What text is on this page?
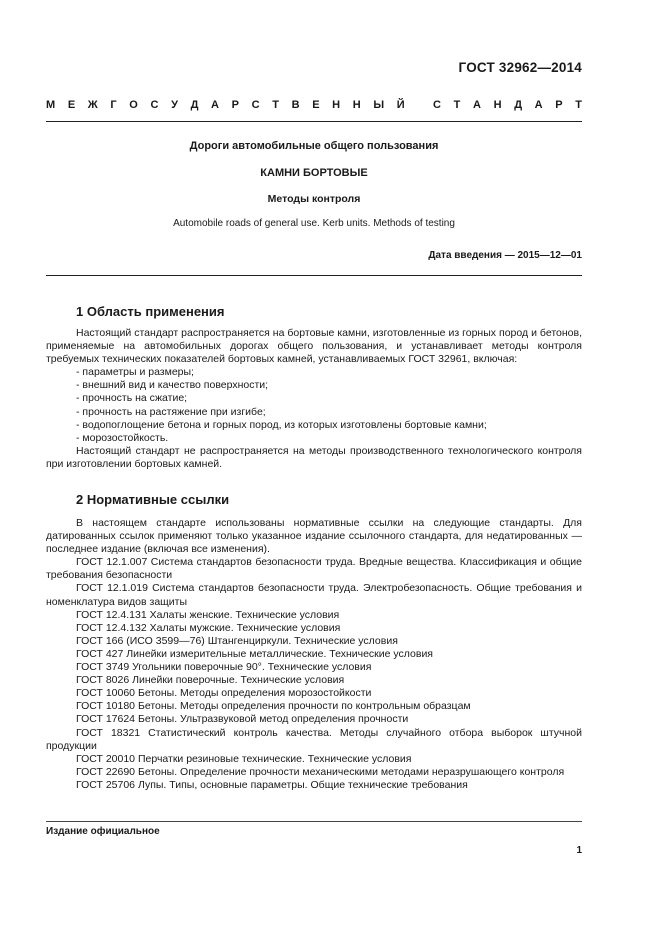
ГОСТ 32962—2014
М Е Ж Г О С У Д А Р С Т В Е Н Н Ы Й
	С Т А Н Д А Р Т
Дороги автомобильные общего пользования
КАМНИ БОРТОВЫЕ
Методы контроля
Automobile roads of general use. Kerb units. Methods of testing
Дата введения — 2015—12—01
1 Область применения

Настоящий стандарт распространяется на бортовые камни, изготовленные из горных пород и бетонов, применяемые на автомобильных дорогах общего пользования, и устанавливает методы контроля требуемых технических показателей бортовых камней, устанавливаемых ГОСТ 32961, включая:

- параметры и размеры;

- внешний вид и качество поверхности;

- прочность на сжатие;

- прочность на растяжение при изгибе;

- водопоглощение бетона и горных пород, из которых изготовлены бортовые камни;

- морозостойкость.

Настоящий стандарт не распространяется на методы производственного технологического контроля при изготовлении бортовых камней.

2 Нормативные ссылки

В настоящем стандарте использованы нормативные ссылки на следующие стандарты. Для датированных ссылок применяют только указанное издание ссылочного стандарта, для недатированных — последнее издание (включая все изменения).

ГОСТ 12.1.007 Система стандартов безопасности труда. Вредные вещества. Классификация и общие требования безопасности

ГОСТ 12.1.019 Система стандартов безопасности труда. Электробезопасность. Общие требования и номенклатура видов защиты

ГОСТ 12.4.131 Халаты женские. Технические условия

ГОСТ 12.4.132 Халаты мужские. Технические условия

ГОСТ 166 (ИСО 3599—76) Штангенциркули. Технические условия

ГОСТ 427 Линейки измерительные металлические. Технические условия

ГОСТ 3749 Угольники поверочные 90°. Технические условия

ГОСТ 8026 Линейки поверочные. Технические условия

ГОСТ 10060 Бетоны. Методы определения морозостойкости

ГОСТ 10180 Бетоны. Методы определения прочности по контрольным образцам

ГОСТ 17624 Бетоны. Ультразвуковой метод определения прочности

ГОСТ 18321 Статистический контроль качества. Методы случайного отбора выборок штучной продукции

ГОСТ 20010 Перчатки резиновые технические. Технические условия

ГОСТ 22690 Бетоны. Определение прочности механическими методами неразрушающего контроля

ГОСТ 25706 Лупы. Типы, основные параметры. Общие технические требования

Издание официальное
1
